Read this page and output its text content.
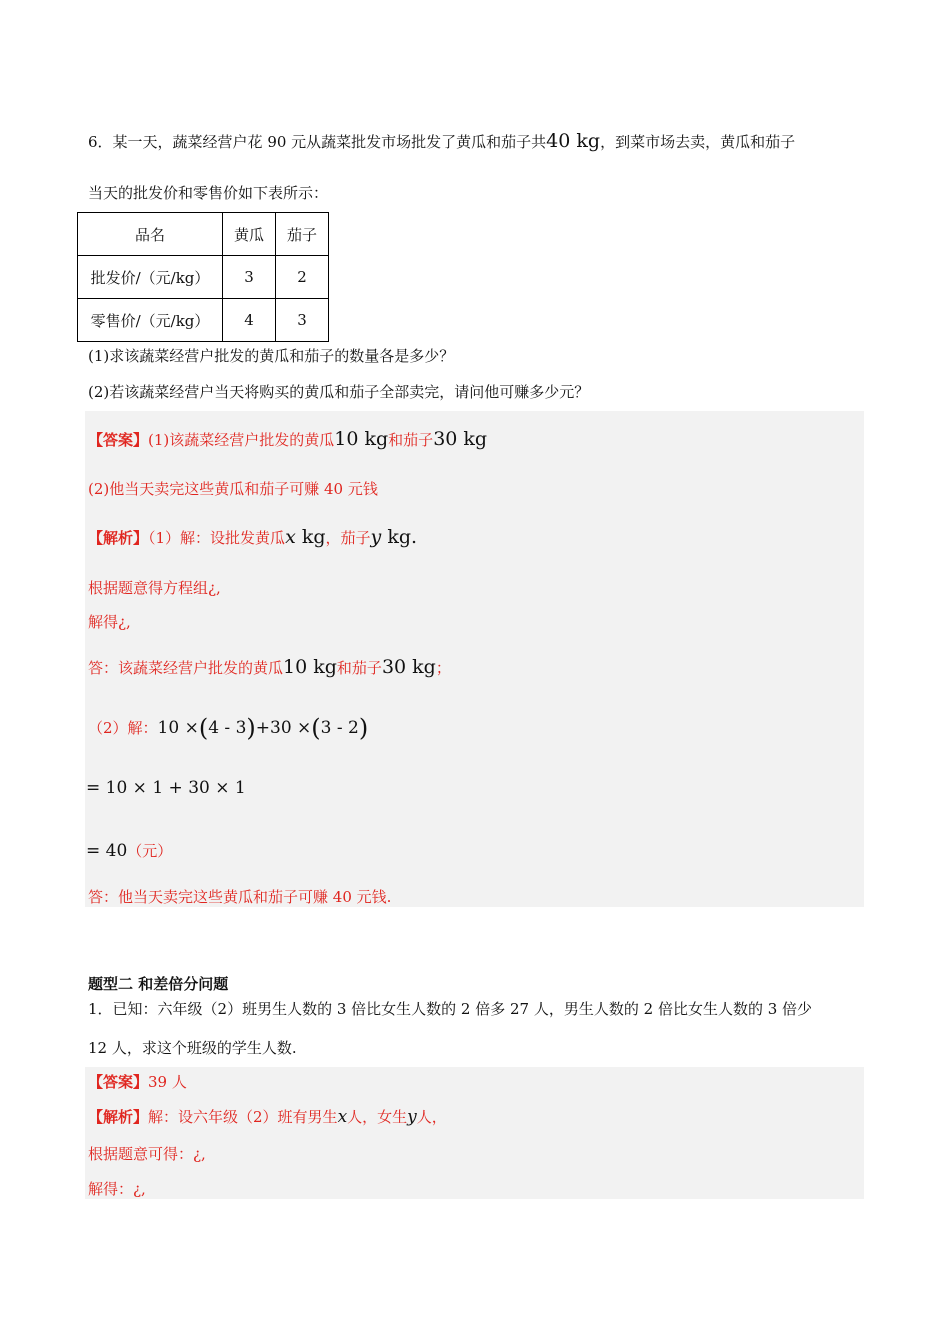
6．某一天，蔬菜经营户花 90 元从蔬菜批发市场批发了黄瓜和茄子共40 kg，到菜市场去卖，黄瓜和茄子
当天的批发价和零售价如下表所示：
品名	黄瓜	茄子
批发价/（元/kg）	3	2
零售价/（元/kg）	4	3
(1)求该蔬菜经营户批发的黄瓜和茄子的数量各是多少？
(2)若该蔬菜经营户当天将购买的黄瓜和茄子全部卖完，请问他可赚多少元？
【答案】(1)该蔬菜经营户批发的黄瓜10 kg和茄子30 kg
(2)他当天卖完这些黄瓜和茄子可赚 40 元钱
【解析】（1）解：设批发黄瓜x kg，茄子y kg.
根据题意得方程组¿,
解得¿,
答：该蔬菜经营户批发的黄瓜10 kg和茄子30 kg；
（2）解：10 ×(4 - 3)+30 ×(3 - 2)
= 10 × 1 + 30 × 1
= 40（元）
答：他当天卖完这些黄瓜和茄子可赚 40 元钱.
题型二 和差倍分问题
1．已知：六年级（2）班男生人数的 3 倍比女生人数的 2 倍多 27 人，男生人数的 2 倍比女生人数的 3 倍少
12 人，求这个班级的学生人数.
【答案】39 人
【解析】解：设六年级（2）班有男生x人，女生y人，
根据题意可得：¿,
解得：¿,
